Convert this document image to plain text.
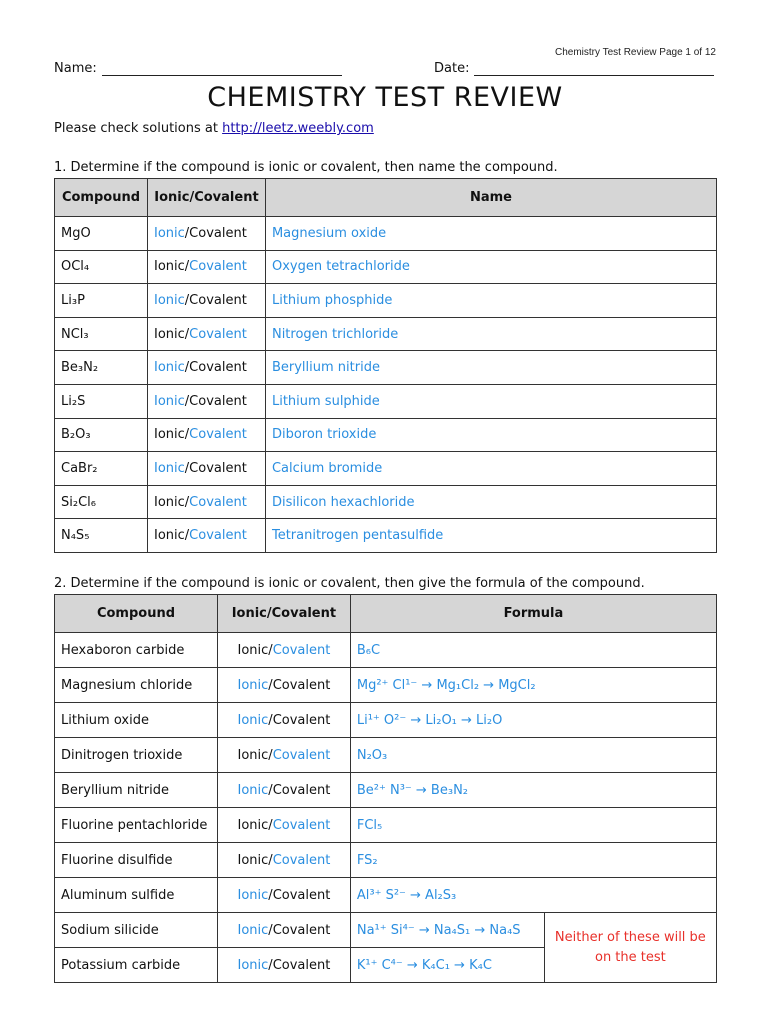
Chemistry Test Review Page 1 of 12
Name:	Date:
CHEMISTRY TEST REVIEW
Please check solutions at http://leetz.weebly.com
1. Determine if the compound is ionic or covalent, then name the compound.
Compound	Ionic/Covalent	Name
MgO	Ionic/Covalent	Magnesium oxide
OCl₄	Ionic/Covalent	Oxygen tetrachloride
Li₃P	Ionic/Covalent	Lithium phosphide
NCl₃	Ionic/Covalent	Nitrogen trichloride
Be₃N₂	Ionic/Covalent	Beryllium nitride
Li₂S	Ionic/Covalent	Lithium sulphide
B₂O₃	Ionic/Covalent	Diboron trioxide
CaBr₂	Ionic/Covalent	Calcium bromide
Si₂Cl₆	Ionic/Covalent	Disilicon hexachloride
N₄S₅	Ionic/Covalent	Tetranitrogen pentasulfide
2. Determine if the compound is ionic or covalent, then give the formula of the compound.
Compound	Ionic/Covalent	Formula	
Hexaboron carbide	Ionic/Covalent	B₆C	
Magnesium chloride	Ionic/Covalent	Mg²⁺ Cl¹⁻ → Mg₁Cl₂ → MgCl₂	
Lithium oxide	Ionic/Covalent	Li¹⁺ O²⁻ → Li₂O₁ → Li₂O	
Dinitrogen trioxide	Ionic/Covalent	N₂O₃	
Beryllium nitride	Ionic/Covalent	Be²⁺ N³⁻ → Be₃N₂	
Fluorine pentachloride	Ionic/Covalent	FCl₅	
Fluorine disulfide	Ionic/Covalent	FS₂	
Aluminum sulfide	Ionic/Covalent	Al³⁺ S²⁻ → Al₂S₃	
Sodium silicide	Ionic/Covalent	Na¹⁺ Si⁴⁻ → Na₄S₁ → Na₄S	Neither of these will be on the test
Potassium carbide	Ionic/Covalent	K¹⁺ C⁴⁻ → K₄C₁ → K₄C	
